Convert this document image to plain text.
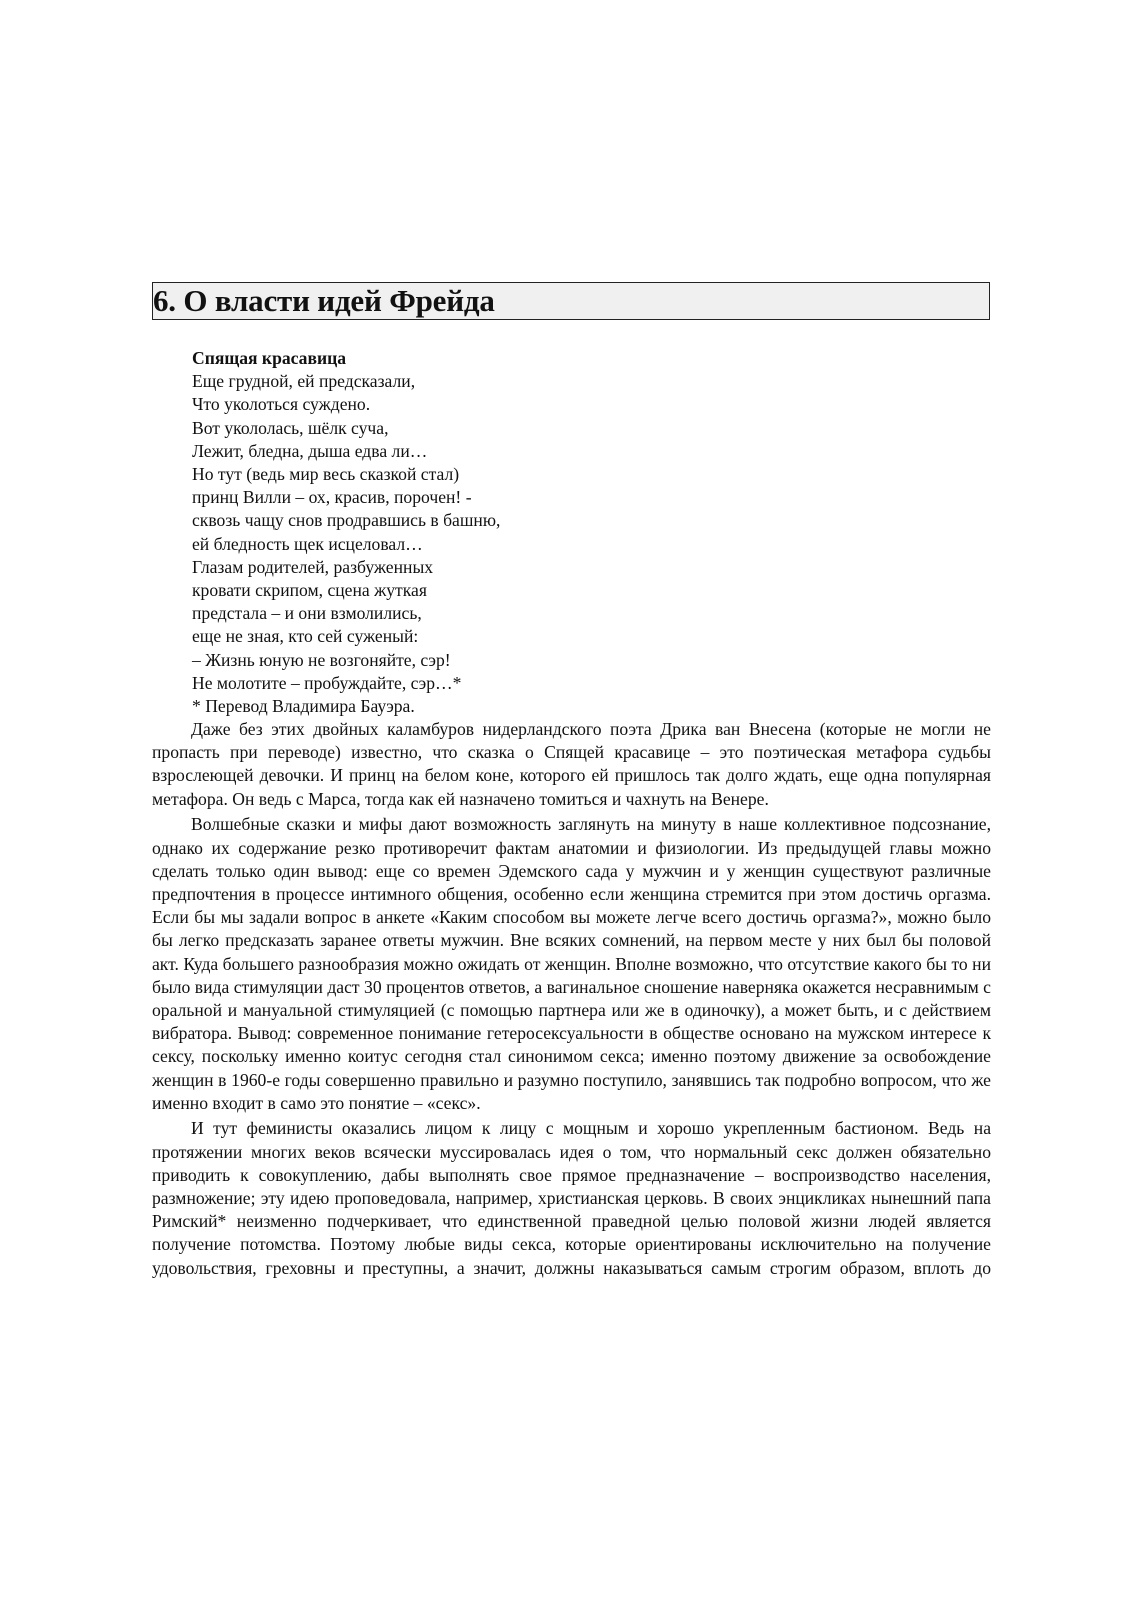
6. О власти идей Фрейда
Спящая красавица
Еще грудной, ей предсказали,
Что уколоться суждено.
Вот укололась, шёлк суча,
Лежит, бледна, дыша едва ли…
Но тут (ведь мир весь сказкой стал)
принц Вилли – ох, красив, порочен! -
сквозь чащу снов продравшись в башню,
ей бледность щек исцеловал…
Глазам родителей, разбуженных
кровати скрипом, сцена жуткая
предстала – и они взмолились,
еще не зная, кто сей суженый:
– Жизнь юную не возгоняйте, сэр!
Не молотите – пробуждайте, сэр…*
* Перевод Владимира Бауэра.

Даже без этих двойных каламбуров нидерландского поэта Дрика ван Внесена (которые не могли не пропасть при переводе) известно, что сказка о Спящей красавице – это поэтическая метафора судьбы взрослеющей девочки. И принц на белом коне, которого ей пришлось так долго ждать, еще одна популярная метафора. Он ведь с Марса, тогда как ей назначено томиться и чахнуть на Венере.

Волшебные сказки и мифы дают возможность заглянуть на минуту в наше коллективное подсознание, однако их содержание резко противоречит фактам анатомии и физиологии. Из предыдущей главы можно сделать только один вывод: еще со времен Эдемского сада у мужчин и у женщин существуют различные предпочтения в процессе интимного общения, особенно если женщина стремится при этом достичь оргазма. Если бы мы задали вопрос в анкете «Каким способом вы можете легче всего достичь оргазма?», можно было бы легко предсказать заранее ответы мужчин. Вне всяких сомнений, на первом месте у них был бы половой акт. Куда большего разнообразия можно ожидать от женщин. Вполне возможно, что отсутствие какого бы то ни было вида стимуляции даст 30 процентов ответов, а вагинальное сношение наверняка окажется несравнимым с оральной и мануальной стимуляцией (с помощью партнера или же в одиночку), а может быть, и с действием вибратора. Вывод: современное понимание гетеросексуальности в обществе основано на мужском интересе к сексу, поскольку именно коитус сегодня стал синонимом секса; именно поэтому движение за освобождение женщин в 1960-е годы совершенно правильно и разумно поступило, занявшись так подробно вопросом, что же именно входит в само это понятие – «секс».

И тут феминисты оказались лицом к лицу с мощным и хорошо укрепленным бастионом. Ведь на протяжении многих веков всячески муссировалась идея о том, что нормальный секс должен обязательно приводить к совокуплению, дабы выполнять свое прямое предназначение – воспроизводство населения, размножение; эту идею проповедовала, например, христианская церковь. В своих энцикликах нынешний папа Римский* неизменно подчеркивает, что единственной праведной целью половой жизни людей является получение потомства. Поэтому любые виды секса, которые ориентированы исключительно на получение удовольствия, греховны и преступны, а значит, должны наказываться самым строгим образом, вплоть до
